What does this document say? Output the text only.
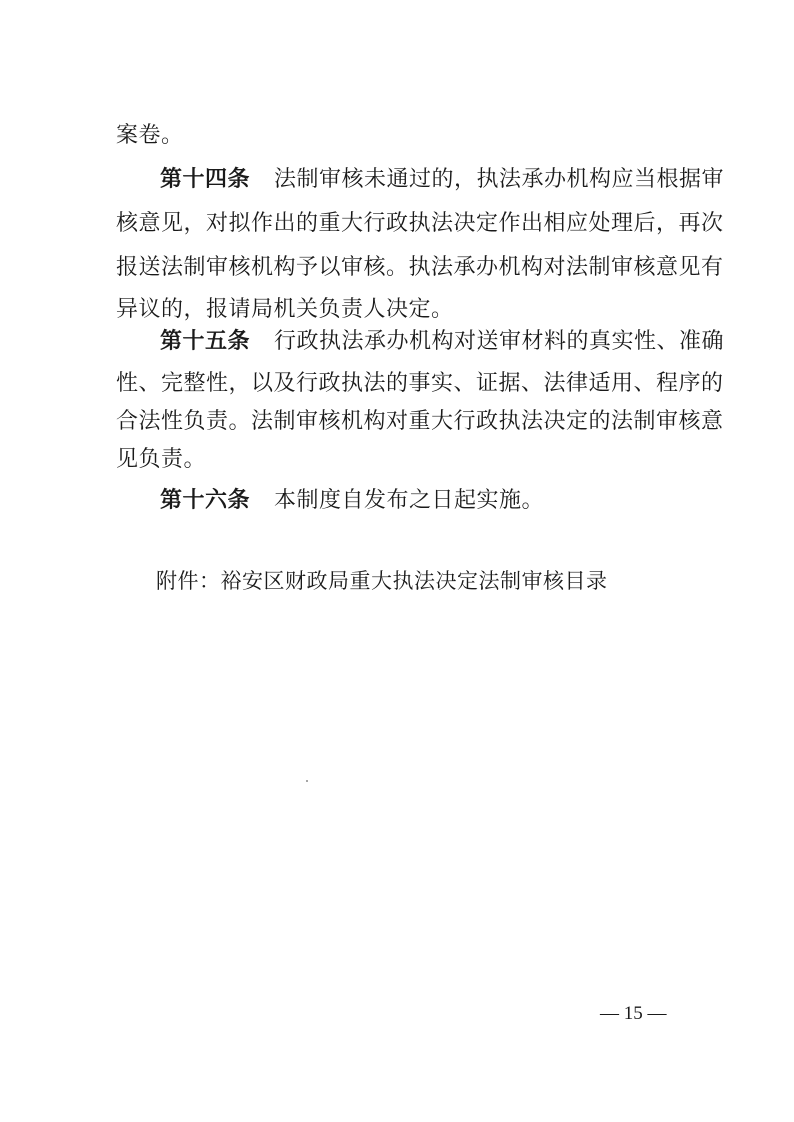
案卷。
第十四条 法制审核未通过的，执法承办机构应当根据审
核意见，对拟作出的重大行政执法决定作出相应处理后，再次
报送法制审核机构予以审核。执法承办机构对法制审核意见有
异议的，报请局机关负责人决定。
第十五条 行政执法承办机构对送审材料的真实性、准确
性、完整性，以及行政执法的事实、证据、法律适用、程序的
合法性负责。法制审核机构对重大行政执法决定的法制审核意
见负责。
第十六条 本制度自发布之日起实施。
附件：裕安区财政局重大执法决定法制审核目录
— 15 —
